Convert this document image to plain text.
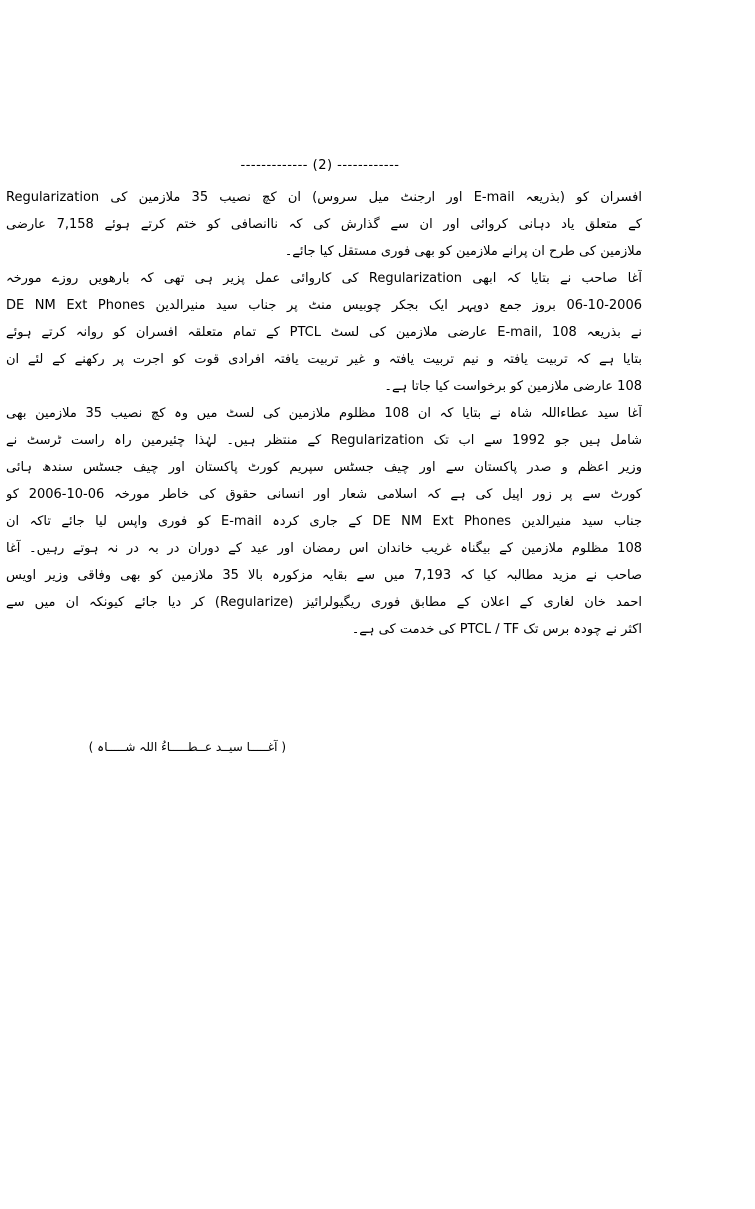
------------- (2) ------------
افسران کو (بذریعہ E-mail اور ارجنٹ میل سروس) ان کچ نصیب 35 ملازمین کی Regularization
کے متعلق یاد دہانی کروائی اور ان سے گذارش کی کہ ناانصافی کو ختم کرتے ہوئے 7,158 عارضی
ملازمین کی طرح ان پرانے ملازمین کو بھی فوری مستقل کیا جائے۔
آغا صاحب نے بتایا کہ ابھی Regularization کی کاروائی عمل پزیر ہی تھی کہ بارھویں روزے مورخہ
06-10-2006 بروز جمع دوپہر ایک بجکر چوبیس منٹ پر جناب سید منیرالدین DE NM Ext Phones
نے بذریعہ E-mail, 108 عارضی ملازمین کی لسٹ PTCL کے تمام متعلقہ افسران کو روانہ کرتے ہوئے
بتایا ہے کہ تربیت یافتہ و نیم تربیت یافتہ و غیر تربیت یافتہ افرادی قوت کو اجرت پر رکھنے کے لئے ان
108 عارضی ملازمین کو برخواست کیا جاتا ہے۔
آغا سید عطاءاللہ شاہ نے بتایا کہ ان 108 مظلوم ملازمین کی لسٹ میں وہ کچ نصیب 35 ملازمین بھی
شامل ہیں جو 1992 سے اب تک Regularization کے منتظر ہیں۔ لہٰذا چئیرمین راہ راست ٹرسٹ نے
وزیر اعظم و صدر پاکستان سے اور چیف جسٹس سپریم کورٹ پاکستان اور چیف جسٹس سندھ ہائی
کورٹ سے پر زور اپیل کی ہے کہ اسلامی شعار اور انسانی حقوق کی خاطر مورخہ 06-10-2006 کو
جناب سید منیرالدین DE NM Ext Phones کے جاری کردہ E-mail کو فوری واپس لیا جائے تاکہ ان
108 مظلوم ملازمین کے بیگناہ غریب خاندان اس رمضان اور عید کے دوران در بہ در نہ ہوتے رہیں۔ آغا
صاحب نے مزید مطالبہ کیا کہ 7,193 میں سے بقایہ مزکورہ بالا 35 ملازمین کو بھی وفاقی وزیر اویس
احمد خان لغاری کے اعلان کے مطابق فوری ریگیولرائیز (Regularize) کر دیا جائے کیونکہ ان میں سے
اکثر نے چودہ برس تک PTCL / TF کی خدمت کی ہے۔
( آغـــــا سیــد عــطـــــاءُ اللہ شـــــاہ )
